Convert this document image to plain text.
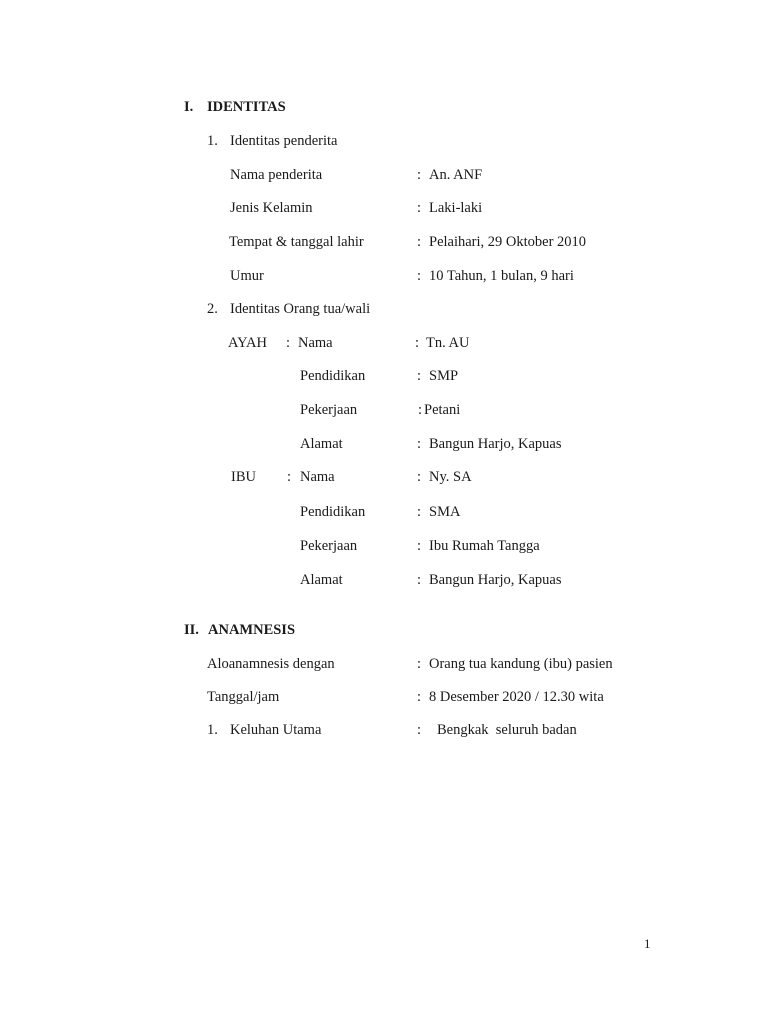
I. IDENTITAS
1. Identitas penderita
Nama penderita	: An. ANF
Jenis Kelamin	: Laki-laki
Tempat & tanggal lahir	: Pelaihari, 29 Oktober 2010
Umur	: 10 Tahun, 1 bulan, 9 hari
2. Identitas Orang tua/wali
AYAH : Nama	: Tn. AU
Pendidikan	: SMP
Pekerjaan	: Petani
Alamat	: Bangun Harjo, Kapuas
IBU : Nama	: Ny. SA
Pendidikan	: SMA
Pekerjaan	: Ibu Rumah Tangga
Alamat	: Bangun Harjo, Kapuas
II. ANAMNESIS
Aloanamnesis dengan	: Orang tua kandung (ibu) pasien
Tanggal/jam	: 8 Desember 2020 / 12.30 wita
1. Keluhan Utama	: Bengkak  seluruh badan
1
